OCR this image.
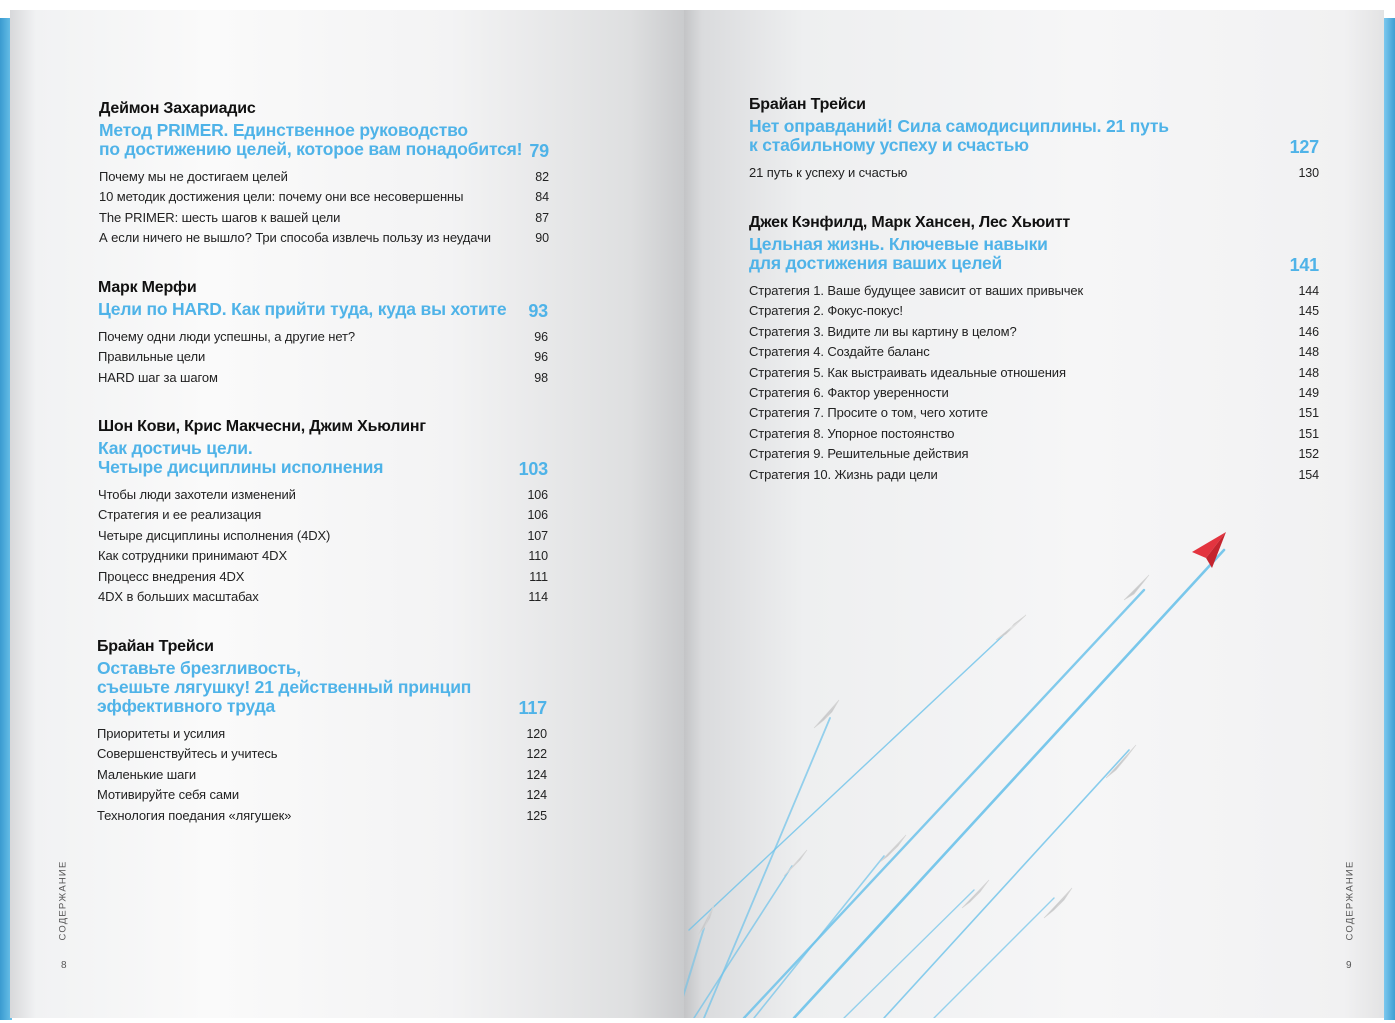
Деймон Захариадис
Метод PRIMER. Единственное руководство
по достижению целей, которое вам понадобится! 79
Почему мы не достигаем целей	82
10 методик достижения цели: почему они все несовершенны	84
The PRIMER: шесть шагов к вашей цели	87
А если ничего не вышло? Три способа извлечь пользу из неудачи	90
Марк Мерфи
Цели по HARD. Как прийти туда, куда вы хотите	93
Почему одни люди успешны, а другие нет?	96
Правильные цели	96
HARD шаг за шагом	98
Шон Кови, Крис Макчесни, Джим Хьюлинг
Как достичь цели.
Четыре дисциплины исполнения	103
Чтобы люди захотели изменений	106
Стратегия и ее реализация	106
Четыре дисциплины исполнения (4DX)	107
Как сотрудники принимают 4DX	110
Процесс внедрения 4DX	111
4DX в больших масштабах	114
Брайан Трейси
Оставьте брезгливость,
съешьте лягушку! 21 действенный принцип
эффективного труда	117
Приоритеты и усилия	120
Совершенствуйтесь и учитесь	122
Маленькие шаги	124
Мотивируйте себя сами	124
Технология поедания «лягушек»	125
СОДЕРЖАНИЕ
8
Брайан Трейси
Нет оправданий! Сила самодисциплины. 21 путь
к стабильному успеху и счастью	127
21 путь к успеху и счастью	130
Джек Кэнфилд, Марк Хансен, Лес Хьюитт
Цельная жизнь. Ключевые навыки
для достижения ваших целей	141
Стратегия 1. Ваше будущее зависит от ваших привычек	144
Стратегия 2. Фокус-покус!	145
Стратегия 3. Видите ли вы картину в целом?	146
Стратегия 4. Создайте баланс	148
Стратегия 5. Как выстраивать идеальные отношения	148
Стратегия 6. Фактор уверенности	149
Стратегия 7. Просите о том, чего хотите	151
Стратегия 8. Упорное постоянство	151
Стратегия 9. Решительные действия	152
Стратегия 10. Жизнь ради цели	154
СОДЕРЖАНИЕ
9
